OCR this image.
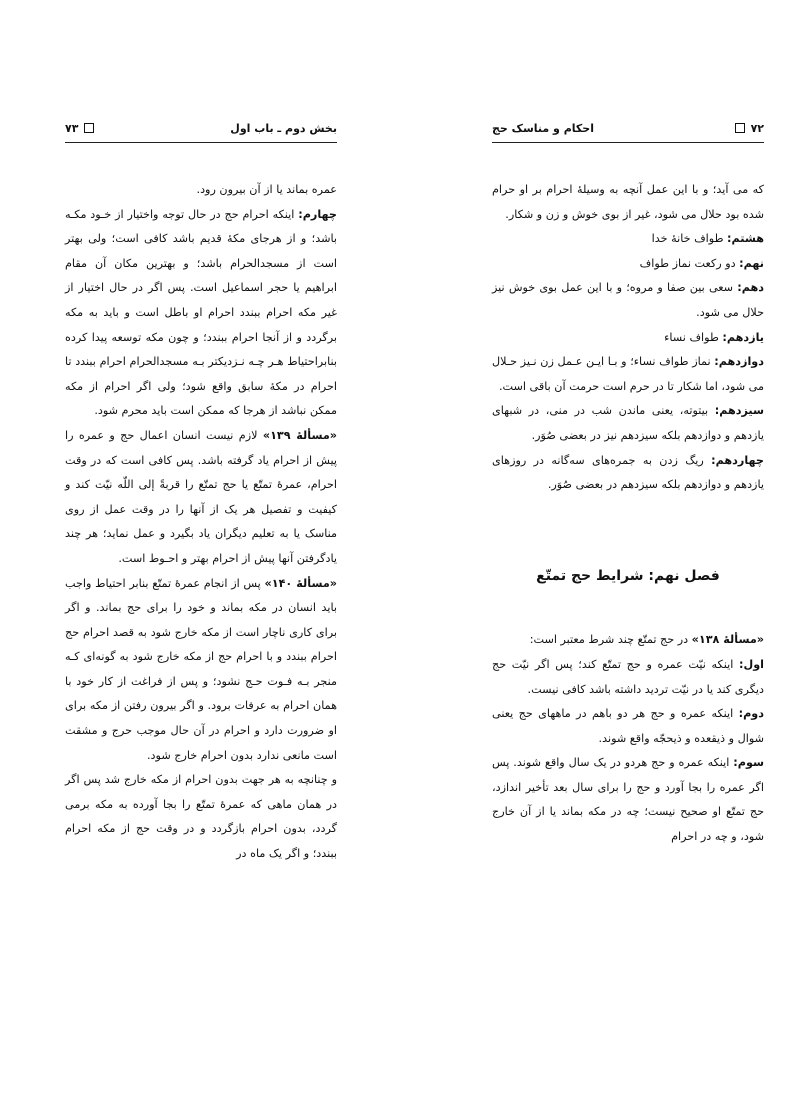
بخش دوم ـ باب اول
۷۳

عمره بماند یا از آن بیرون رود.

چهارم: اینکه احرام حج در حال توجه واختیار از خـود مکـه باشد؛ و از هرجای مکهٔ قدیم باشد کافی است؛ ولی بهتر است از مسجدالحرام باشد؛ و بهترین مکان آن مقام ابراهیم یا حجر اسماعیل است. پس اگر در حال اختیار از غیر مکه احرام ببندد احرام او باطل است و باید به مکه برگردد و از آنجا احرام ببندد؛ و چون مکه توسعه پیدا کرده بنابراحتیاط هـر چـه نـزدیکتر بـه مسجدالحرام احرام ببندد تا احرام در مکهٔ سابق واقع شود؛ ولی اگر احرام از مکه ممکن نباشد از هرجا که ممکن است باید محرم شود.

«مسألهٔ ۱۳۹» لازم نیست انسان اعمال حج و عمره را پیش از احرام یاد گرفته باشد. پس کافی است که در وقت احرام، عمرهٔ تمتّع یا حج تمتّع را قربةً إلی اللّه نیّت کند و کیفیت و تفصیل هر یک از آنها را در وقت عمل از روی مناسک یا به تعلیم دیگران یاد بگیرد و عمل نماید؛ هر چند یادگرفتن آنها پیش از احرام بهتر و احـوط است.

«مسألهٔ ۱۴۰» پس از انجام عمرهٔ تمتّع بنابر احتیاط واجب باید انسان در مکه بماند و خود را برای حج بماند. و اگر برای کاری ناچار است از مکه خارج شود به قصد احرام حج احرام ببندد و با احرام حج از مکه خارج شود به گونه‌ای کـه منجر بـه فـوت حـج نشود؛ و پس از فراغت از کار خود با همان احرام به عرفات برود. و اگر بیرون رفتن از مکه برای او ضرورت دارد و احرام در آن حال موجب حرج و مشقت است مانعی ندارد بدون احرام خارج شود.

و چنانچه به هر جهت بدون احرام از مکه خارج شد پس اگر در همان ماهی که عمرهٔ تمتّع را بجا آورده به مکه برمی گردد، بدون احرام بازگردد و در وقت حج از مکه احرام ببندد؛ و اگر یک ماه در

۷۲
احکام و مناسک حج

که می آید؛ و با این عمل آنچه به وسیلهٔ احرام بر او حرام شده بود حلال می شود، غیر از بوی خوش و زن و شکار.

هشتم: طواف خانهٔ خدا

نهم: دو رکعت نماز طواف

دهم: سعی بین صفا و مروه؛ و با این عمل بوی خوش نیز حلال می شود.

یازدهم: طواف نساء

دوازدهم: نماز طواف نساء؛ و بـا ایـن عـمل زن نـیز حـلال می شود، اما شکار تا در حرم است حرمت آن باقی است.

سیزدهم: بیتوته، یعنی ماندن شب در منی، در شبهای یازدهم و دوازدهم بلکه سیزدهم نیز در بعضی صُوَر.

چهاردهم: ریگ زدن به جمره‌های سه‌گانه در روزهای یازدهم و دوازدهم بلکه سیزدهم در بعضی صُوَر.

فصل نهم: شرایط حج تمتّع

«مسألهٔ ۱۳۸» در حج تمتّع چند شرط معتبر است:

اول: اینکه نیّت عمره و حج تمتّع کند؛ پس اگر نیّت حج دیگری کند یا در نیّت تردید داشته باشد کافی نیست.

دوم: اینکه عمره و حج هر دو باهم در ماههای حج یعنی شوال و ذیقعده و ذیحجّه واقع شوند.

سوم: اینکه عمره و حج هردو در یک سال واقع شوند. پس اگر عمره را بجا آورد و حج را برای سال بعد تأخیر اندازد، حج تمتّع او صحیح نیست؛ چه در مکه بماند یا از آن خارج شود، و چه در احرام
